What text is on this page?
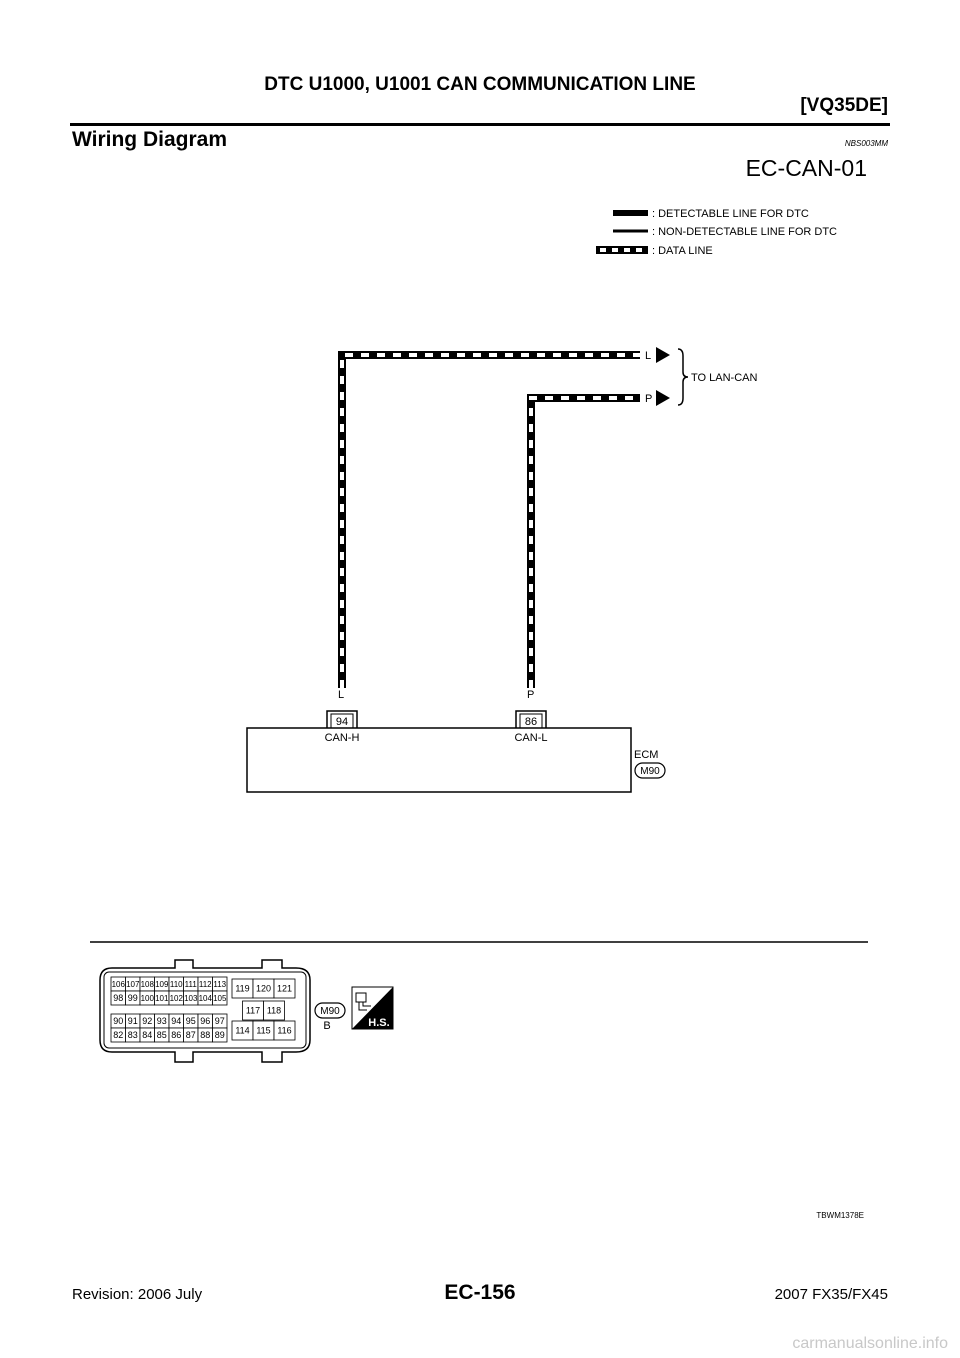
DTC U1000, U1001 CAN COMMUNICATION LINE
[VQ35DE]
Wiring Diagram	NBS003MM
EC-CAN-01
: DETECTABLE LINE FOR DTC
: NON-DETECTABLE LINE FOR DTC
: DATA LINE
L
P
TO LAN-CAN
L	P
94	86
CAN-H	CAN-L
ECM
M90
106 107 108 109 110 111 112 113
98 99 100 101 102 103 104 105
90 91 92 93 94 95 96 97
82 83 84 85 86 87 88 89
119 120 121
117 118
114 115 116
M90
B	H.S.
TBWM1378E
EC-156
Revision: 2006 July	2007 FX35/FX45
carmanualsonline.info
